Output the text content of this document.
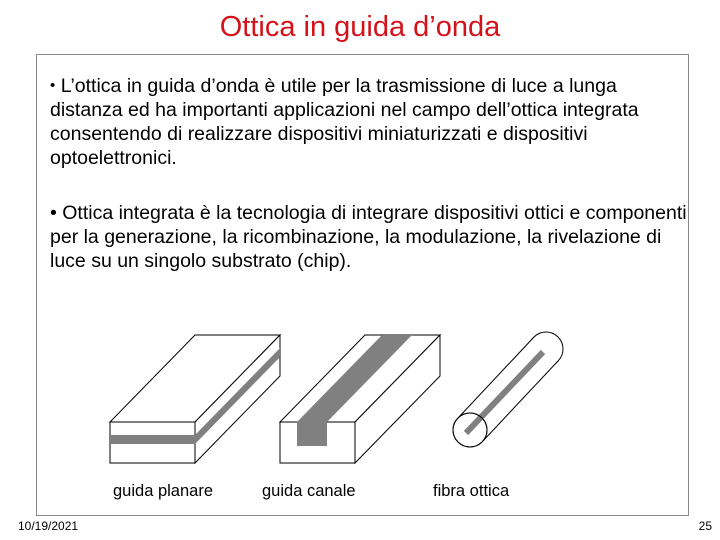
Ottica in guida d’onda
• L’ottica in guida d’onda è utile per la trasmissione di luce a lunga distanza ed ha importanti applicazioni nel campo dell’ottica integrata consentendo di realizzare dispositivi miniaturizzati e dispositivi optoelettronici.
• Ottica integrata è la tecnologia di integrare dispositivi ottici e componenti per la generazione, la ricombinazione, la modulazione, la rivelazione di luce su un singolo substrato (chip).
guida planare	guida canale	fibra ottica
10/19/2021	25
